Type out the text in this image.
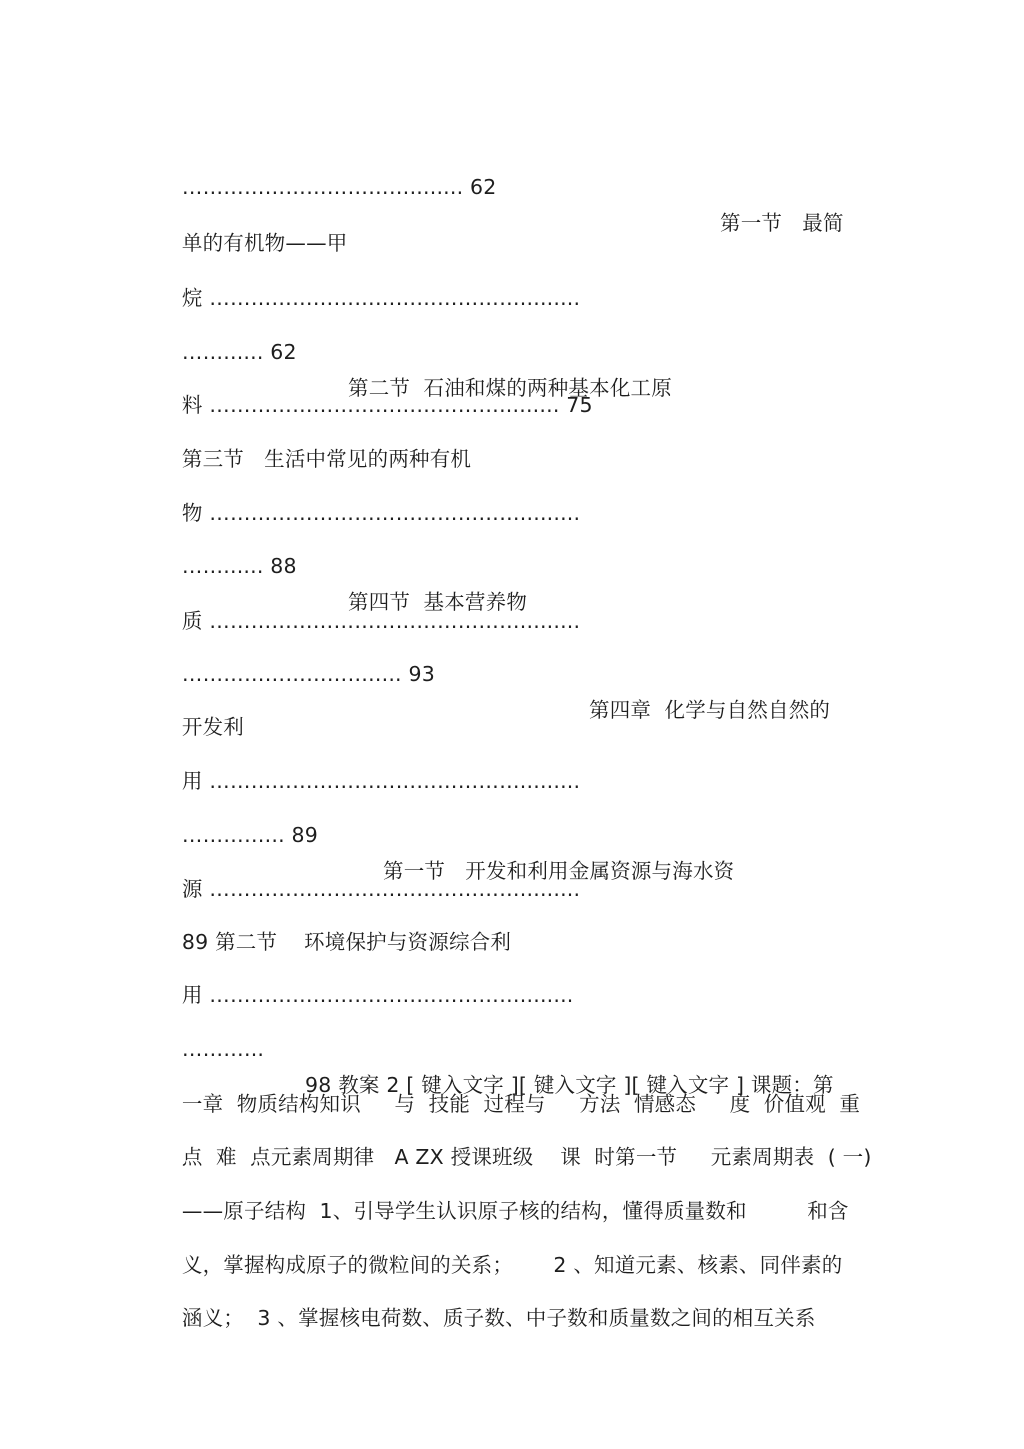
……………………………........ 62

第一节   最简

单的有机物——甲

烷 ……………………………………….........

……...... 62

第二节  石油和煤的两种基本化工原

料 ……………………………………......... 75

第三节   生活中常见的两种有机

物 ……………………………………….........

……...... 88

第四节  基本营养物

质 ……………………………………….........

………………………..... 93

第四章  化学与自然自然的

开发利

用 ……………………………………….........

…………... 89

第一节   开发和利用金属资源与海水资

源 ……………………………………….........

89 第二节    环境保护与资源综合利

用 ………………………………………........

………...

98 教案 2 [ 键入文字 ][ 键入文字 ][ 键入文字 ] 课题：第

一章  物质结构知识     与  技能  过程与     方法  情感态     度  价值观  重

点  难  点元素周期律   A ZX 授课班级    课  时第一节     元素周期表  ( 一)

——原子结构  1、引导学生认识原子核的结构，懂得质量数和         和含

义，掌握构成原子的微粒间的关系；      2 、知道元素、核素、同伴素的

涵义；  3 、掌握核电荷数、质子数、中子数和质量数之间的相互关系
